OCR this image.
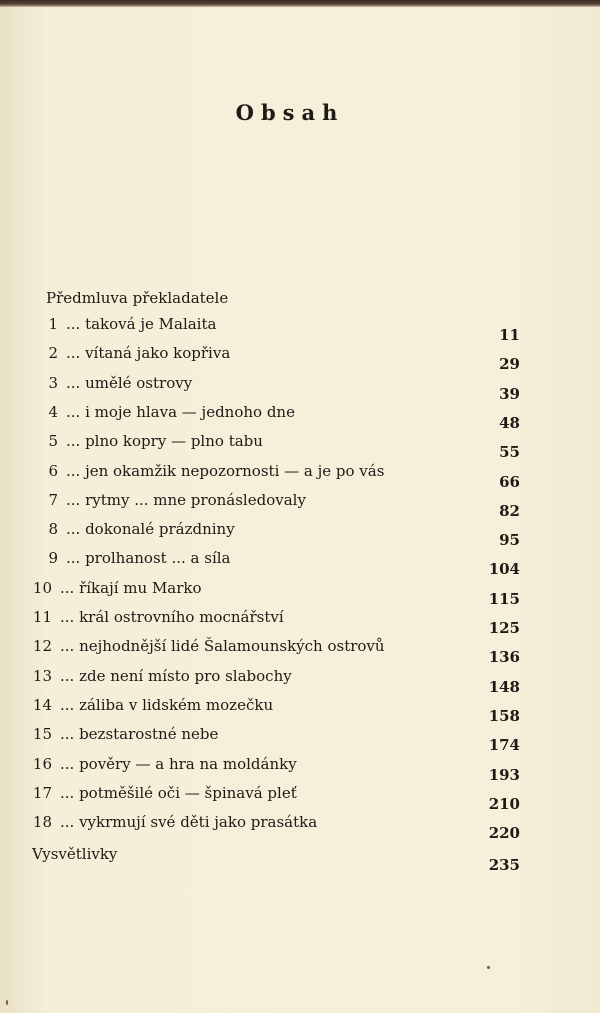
Obsah
Předmluva překladatele
Vysvětlivky
235
1 ... taková je Malaita
11
2 ... vítaná jako kopřiva
29
3 ... umělé ostrovy
39
4 ... i moje hlava — jednoho dne
48
5 ... plno kopry — plno tabu
55
6 ... jen okamžik nepozornosti — a je po vás
66
7 ... rytmy ... mne pronásledovaly
82
8 ... dokonalé prázdniny
95
9 ... prolhanost ... a síla
104
10 ... říkají mu Marko
115
11 ... král ostrovního mocnářství
125
12 ... nejhodnější lidé Šalamounských ostrovů
136
13 ... zde není místo pro slabochy
148
14 ... záliba v lidském mozečku
158
15 ... bezstarostné nebe
174
16 ... pověry — a hra na moldánky
193
17 ... potměšilé oči — špinavá pleť
210
18 ... vykrmují své děti jako prasátka
220
